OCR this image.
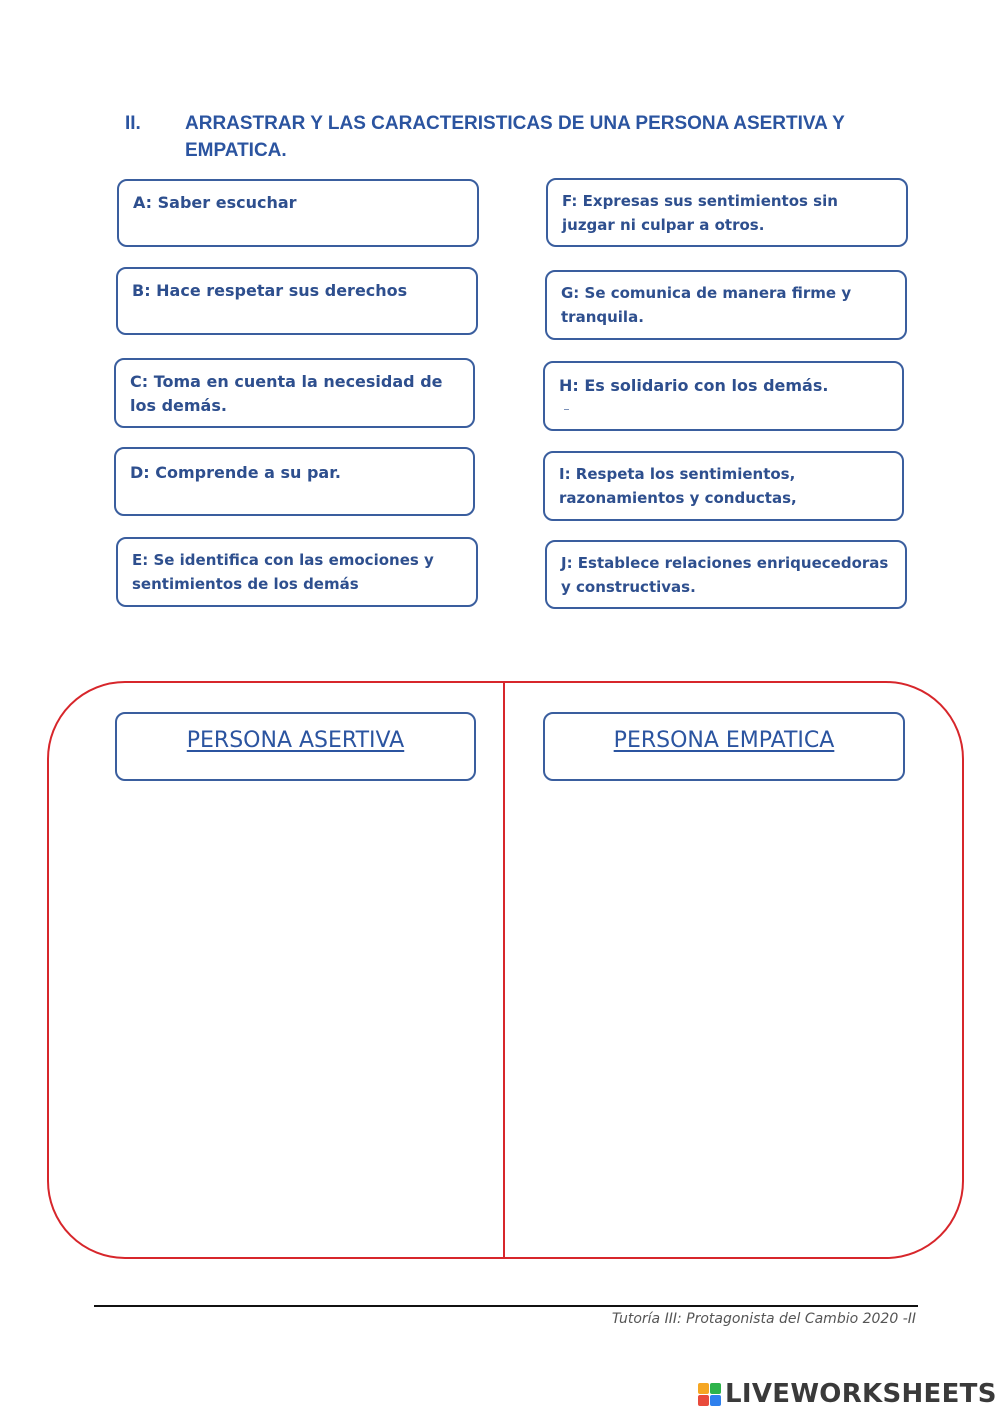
II. ARRASTRAR Y LAS CARACTERISTICAS DE UNA PERSONA ASERTIVA Y EMPATICA.
A: Saber escuchar
B: Hace respetar sus derechos
C: Toma en cuenta la necesidad de los demás.
D: Comprende a su par.
E: Se identifica con las emociones y sentimientos de los demás
F: Expresas sus sentimientos sin juzgar ni culpar a otros.
G: Se comunica de manera firme y tranquila.
H: Es solidario con los demás.
I: Respeta los sentimientos, razonamientos y conductas,
J: Establece relaciones enriquecedoras y constructivas.
PERSONA ASERTIVA	PERSONA EMPATICA
Tutoría III: Protagonista del Cambio 2020 -II
LIVEWORKSHEETS
